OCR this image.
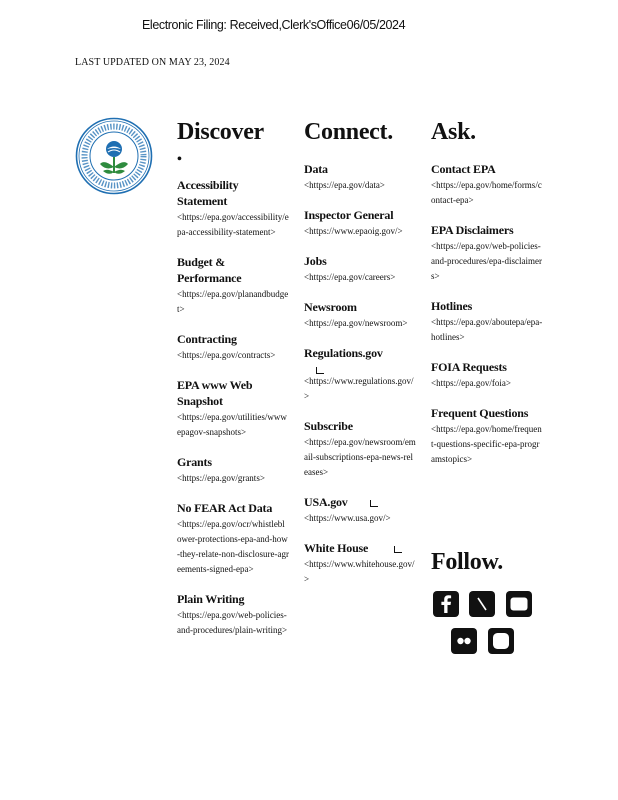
Electronic Filing: Received,Clerk'sOffice06/05/2024
LAST UPDATED ON MAY 23, 2024
Discover
•
Accessibility Statement
<https://epa.gov/accessibility/epa-accessibility-statement>
Budget & Performance
<https://epa.gov/planandbudget>
Contracting
<https://epa.gov/contracts>
EPA www Web Snapshot
<https://epa.gov/utilities/wwwepagov-snapshots>
Grants
<https://epa.gov/grants>
No FEAR Act Data
<https://epa.gov/ocr/whistleblower-protections-epa-and-how-they-relate-non-disclosure-agreements-signed-epa>
Plain Writing
<https://epa.gov/web-policies-and-procedures/plain-writing>
Connect.
Data
<https://epa.gov/data>
Inspector General
<https://www.epaoig.gov/>
Jobs
<https://epa.gov/careers>
Newsroom
<https://epa.gov/newsroom>
Regulations.gov
<https://www.regulations.gov/>
Subscribe
<https://epa.gov/newsroom/email-subscriptions-epa-news-releases>
USA.gov
<https://www.usa.gov/>
White House
<https://www.whitehouse.gov/>
Ask.
Contact EPA
<https://epa.gov/home/forms/contact-epa>
EPA Disclaimers
<https://epa.gov/web-policies-and-procedures/epa-disclaimers>
Hotlines
<https://epa.gov/aboutepa/epa-hotlines>
FOIA Requests
<https://epa.gov/foia>
Frequent Questions
<https://epa.gov/home/frequent-questions-specific-epa-programstopics>
Follow.
